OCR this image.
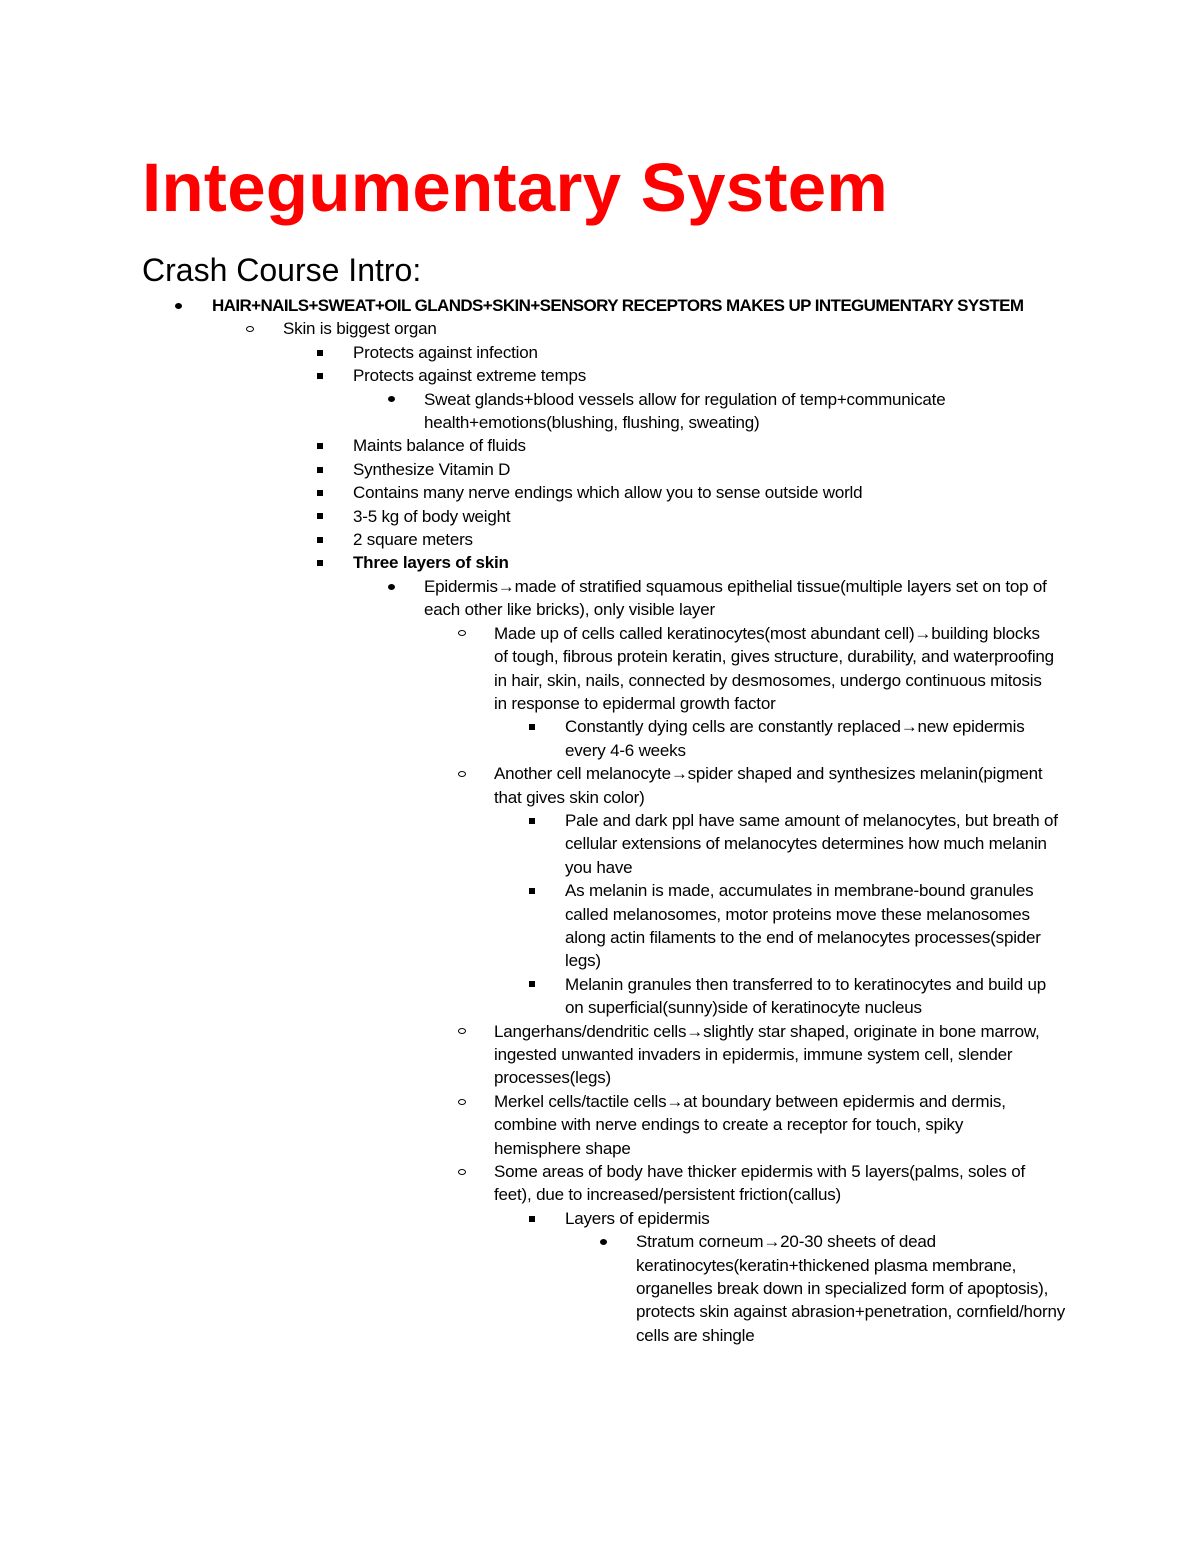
Integumentary System
Crash Course Intro:
HAIR+NAILS+SWEAT+OIL GLANDS+SKIN+SENSORY RECEPTORS MAKES UP INTEGUMENTARY SYSTEM
Skin is biggest organ
Protects against infection
Protects against extreme temps
Sweat glands+blood vessels allow for regulation of temp+communicate health+emotions(blushing, flushing, sweating)
Maints balance of fluids
Synthesize Vitamin D
Contains many nerve endings which allow you to sense outside world
3-5 kg of body weight
2 square meters
Three layers of skin
Epidermis→made of stratified squamous epithelial tissue(multiple layers set on top of each other like bricks), only visible layer
Made up of cells called keratinocytes(most abundant cell)→building blocks of tough, fibrous protein keratin, gives structure, durability, and waterproofing in hair, skin, nails, connected by desmosomes, undergo continuous mitosis in response to epidermal growth factor
Constantly dying cells are constantly replaced→new epidermis every 4-6 weeks
Another cell melanocyte→spider shaped and synthesizes melanin(pigment that gives skin color)
Pale and dark ppl have same amount of melanocytes, but breath of cellular extensions of melanocytes determines how much melanin you have
As melanin is made, accumulates in membrane-bound granules called melanosomes, motor proteins move these melanosomes along actin filaments to the end of melanocytes processes(spider legs)
Melanin granules then transferred to to keratinocytes and build up on superficial(sunny)side of keratinocyte nucleus
Langerhans/dendritic cells→slightly star shaped, originate in bone marrow, ingested unwanted invaders in epidermis, immune system cell, slender processes(legs)
Merkel cells/tactile cells→at boundary between epidermis and dermis, combine with nerve endings to create a receptor for touch, spiky hemisphere shape
Some areas of body have thicker epidermis with 5 layers(palms, soles of feet), due to increased/persistent friction(callus)
Layers of epidermis
Stratum corneum→20-30 sheets of dead keratinocytes(keratin+thickened plasma membrane, organelles break down in specialized form of apoptosis), protects skin against abrasion+penetration, cornfield/horny cells are shingle
